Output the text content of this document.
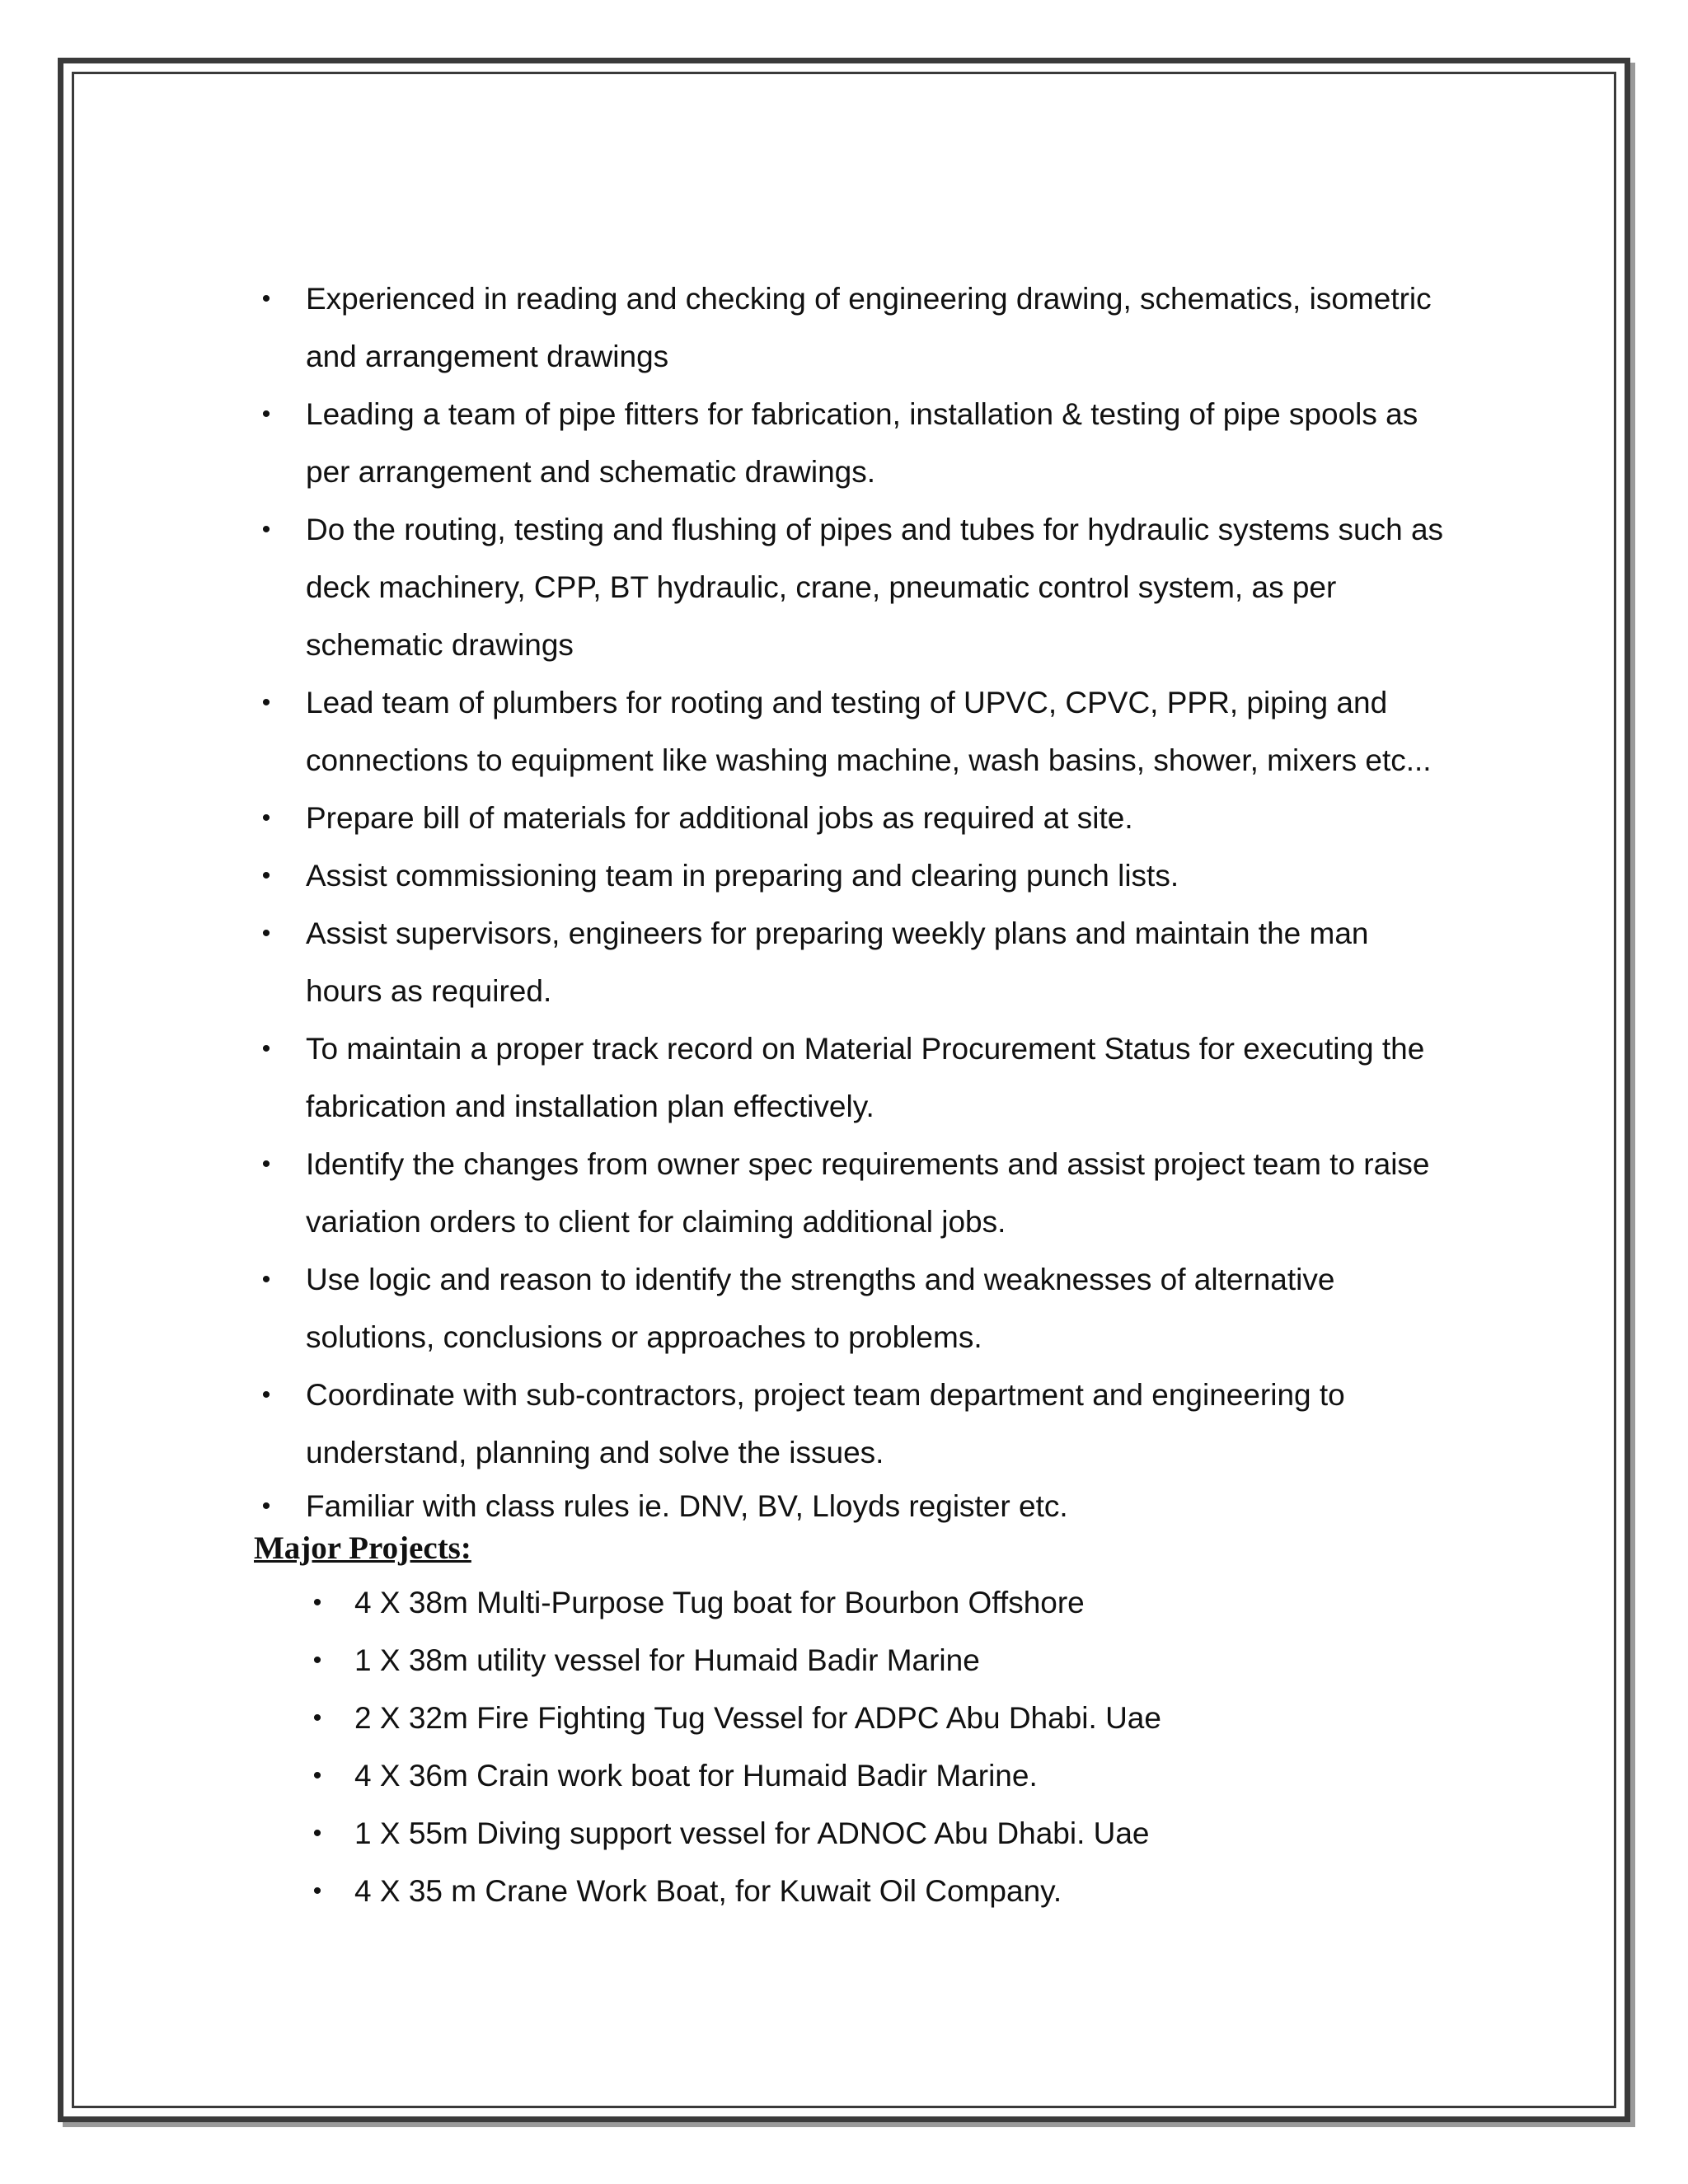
• Experienced in reading and checking of engineering drawing, schematics, isometric and arrangement drawings
• Leading a team of pipe fitters for fabrication, installation & testing of pipe spools as per arrangement and schematic drawings.
• Do the routing, testing and flushing of pipes and tubes for hydraulic systems such as deck machinery, CPP, BT hydraulic, crane, pneumatic control system, as per schematic drawings
• Lead team of plumbers for rooting and testing of UPVC, CPVC, PPR, piping and connections to equipment like washing machine, wash basins, shower, mixers etc...
• Prepare bill of materials for additional jobs as required at site.
• Assist commissioning team in preparing and clearing punch lists.
• Assist supervisors, engineers for preparing weekly plans and maintain the man hours as required.
• To maintain a proper track record on Material Procurement Status for executing the fabrication and installation plan effectively.
• Identify the changes from owner spec requirements and assist project team to raise variation orders to client for claiming additional jobs.
• Use logic and reason to identify the strengths and weaknesses of alternative solutions, conclusions or approaches to problems.
• Coordinate with sub-contractors, project team department and engineering to understand, planning and solve the issues.
• Familiar with class rules ie. DNV, BV, Lloyds register etc.
Major Projects:
• 4 X 38m Multi-Purpose Tug boat for Bourbon Offshore
• 1 X 38m utility vessel for Humaid Badir Marine
• 2 X 32m Fire Fighting Tug Vessel for ADPC Abu Dhabi. Uae
• 4 X 36m Crain work boat for Humaid Badir Marine.
• 1 X 55m Diving support vessel for ADNOC Abu Dhabi. Uae
• 4 X 35 m Crane Work Boat, for Kuwait Oil Company.
